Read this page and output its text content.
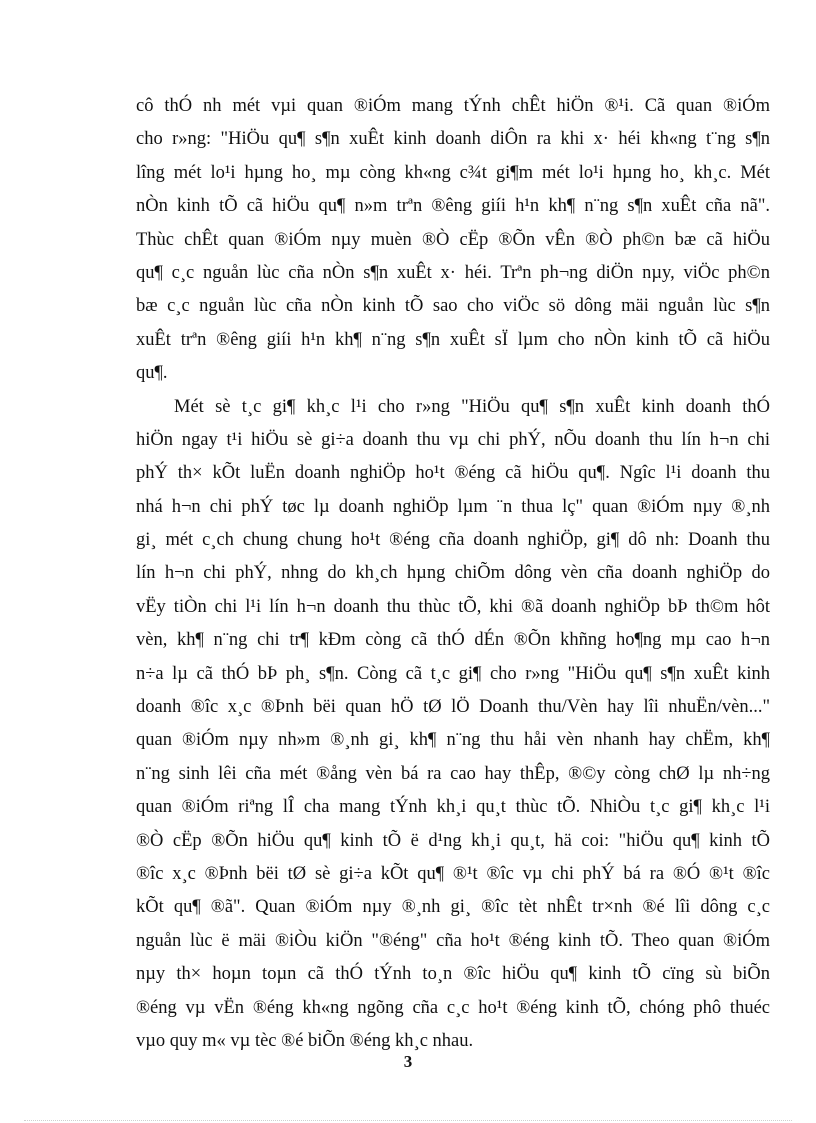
cô thÓ nh mét vµi quan ®iÓm mang tÝnh chÊt hiÖn ®¹i. Cã quan ®iÓm
cho r»ng: "HiÖu qu¶ s¶n xuÊt kinh doanh diÔn ra khi x· héi kh«ng t¨ng s¶n
lîng mét lo¹i hµng ho¸ mµ còng kh«ng c¾t gi¶m mét lo¹i hµng ho¸ kh¸c. Mét
nÒn kinh tÕ cã hiÖu qu¶ n»m trªn ®êng giíi h¹n kh¶ n¨ng s¶n xuÊt cña nã".
Thùc chÊt quan ®iÓm nµy muèn ®Ò cËp ®Õn vÊn ®Ò ph©n bæ cã hiÖu
qu¶ c¸c nguån lùc cña nÒn s¶n xuÊt x· héi. Trªn ph¬ng diÖn nµy, viÖc ph©n
bæ c¸c nguån lùc cña nÒn kinh tÕ sao cho viÖc sö dông mäi nguån lùc s¶n
xuÊt trªn ®êng giíi h¹n kh¶ n¨ng s¶n xuÊt sÏ lµm cho nÒn kinh tÕ cã hiÖu
qu¶.
Mét sè t¸c gi¶ kh¸c l¹i cho r»ng "HiÖu qu¶ s¶n xuÊt kinh doanh thÓ
hiÖn ngay t¹i hiÖu sè gi÷a doanh thu vµ chi phÝ, nÕu doanh thu lín h¬n chi
phÝ th× kÕt luËn doanh nghiÖp ho¹t ®éng cã hiÖu qu¶. Ngîc l¹i doanh thu
nhá h¬n chi phÝ tøc lµ doanh nghiÖp lµm ¨n thua lç" quan ®iÓm nµy ®¸nh
gi¸ mét c¸ch chung chung ho¹t ®éng cña doanh nghiÖp, gi¶ dô nh: Doanh thu
lín h¬n chi phÝ, nhng do kh¸ch hµng chiÕm dông vèn cña doanh nghiÖp do
vËy tiÒn chi l¹i lín h¬n doanh thu thùc tÕ, khi ®ã doanh nghiÖp bÞ th©m hôt
vèn, kh¶ n¨ng chi tr¶ kÐm còng cã thÓ dÉn ®Õn khñng ho¶ng mµ cao h¬n
n÷a lµ cã thÓ bÞ ph¸ s¶n. Còng cã t¸c gi¶ cho r»ng "HiÖu qu¶ s¶n xuÊt kinh
doanh ®îc x¸c ®Þnh bëi quan hÖ tØ lÖ Doanh thu/Vèn hay lîi nhuËn/vèn..."
quan ®iÓm nµy nh»m ®¸nh gi¸ kh¶ n¨ng thu håi vèn nhanh hay chËm, kh¶
n¨ng sinh lêi cña mét ®ång vèn bá ra cao hay thÊp, ®©y còng chØ lµ nh÷ng
quan ®iÓm riªng lÎ cha mang tÝnh kh¸i qu¸t thùc tÕ. NhiÒu t¸c gi¶ kh¸c l¹i
®Ò cËp ®Õn hiÖu qu¶ kinh tÕ ë d¹ng kh¸i qu¸t, hä coi: "hiÖu qu¶ kinh tÕ
®îc x¸c ®Þnh bëi tØ sè gi÷a kÕt qu¶ ®¹t ®îc vµ chi phÝ bá ra ®Ó ®¹t ®îc
kÕt qu¶ ®ã". Quan ®iÓm nµy ®¸nh gi¸ ®îc tèt nhÊt tr×nh ®é lîi dông c¸c
nguån lùc ë mäi ®iÒu kiÖn "®éng" cña ho¹t ®éng kinh tÕ. Theo quan ®iÓm
nµy th× hoµn toµn cã thÓ tÝnh to¸n ®îc hiÖu qu¶ kinh tÕ cïng sù biÕn
®éng vµ vËn ®éng kh«ng ngõng cña c¸c ho¹t ®éng kinh tÕ, chóng phô thuéc
vµo quy m« vµ tèc ®é biÕn ®éng kh¸c nhau.
3
